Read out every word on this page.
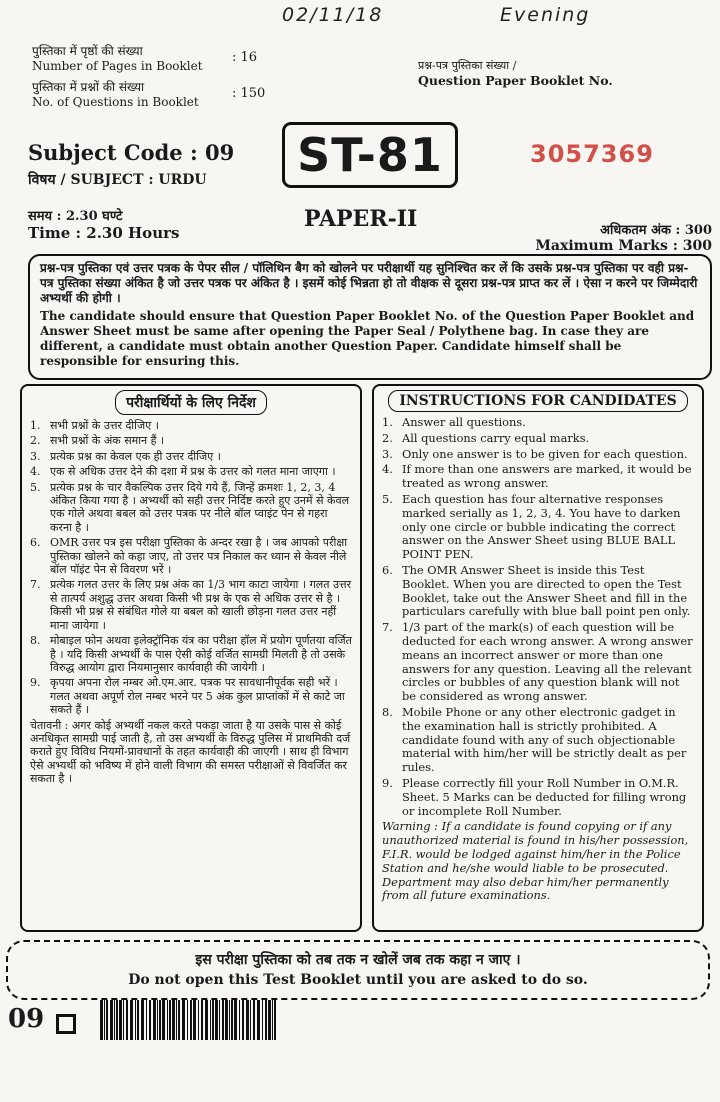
02/11/18	Evening
पुस्तिका में पृष्ठों की संख्या
Number of Pages in Booklet
: 16
पुस्तिका में प्रश्नों की संख्या
No. of Questions in Booklet
: 150
प्रश्न-पत्र पुस्तिका संख्या /
Question Paper Booklet No.
Subject Code : 09
विषय / SUBJECT : URDU	ST-81	3057369
PAPER-II
समय : 2.30 घण्टे
Time : 2.30 Hours	अधिकतम अंक : 300
Maximum Marks : 300

प्रश्न-पत्र पुस्तिका एवं उत्तर पत्रक के पेपर सील / पॉलिथिन बैग को खोलने पर परीक्षार्थी यह सुनिश्चित कर लें कि उसके प्रश्न-पत्र पुस्तिका पर वही प्रश्न-पत्र पुस्तिका संख्या अंकित है जो उत्तर पत्रक पर अंकित है । इसमें कोई भिन्नता हो तो वीक्षक से दूसरा प्रश्न-पत्र प्राप्त कर लें । ऐसा न करने पर जिम्मेदारी अभ्यर्थी की होगी ।

The candidate should ensure that Question Paper Booklet No. of the Question Paper Booklet and Answer Sheet must be same after opening the Paper Seal / Polythene bag. In case they are different, a candidate must obtain another Question Paper. Candidate himself shall be responsible for ensuring this.

परीक्षार्थियों के लिए निर्देश
1. सभी प्रश्नों के उत्तर दीजिए ।
2. सभी प्रश्नों के अंक समान हैं ।
3. प्रत्येक प्रश्न का केवल एक ही उत्तर दीजिए ।
4. एक से अधिक उत्तर देने की दशा में प्रश्न के उत्तर को गलत माना जाएगा ।
5. प्रत्येक प्रश्न के चार वैकल्पिक उत्तर दिये गये हैं, जिन्हें क्रमशः 1, 2, 3, 4 अंकित किया गया है । अभ्यर्थी को सही उत्तर निर्दिष्ट करते हुए उनमें से केवल एक गोले अथवा बबल को उत्तर पत्रक पर नीले बॉल प्वाइंट पेन से गहरा करना है ।
6. OMR उत्तर पत्र इस परीक्षा पुस्तिका के अन्दर रखा है । जब आपको परीक्षा पुस्तिका खोलने को कहा जाए, तो उत्तर पत्र निकाल कर ध्यान से केवल नीले बॉल पॉइंट पेन से विवरण भरें ।
7. प्रत्येक गलत उत्तर के लिए प्रश्न अंक का 1/3 भाग काटा जायेगा । गलत उत्तर से तात्पर्य अशुद्ध उत्तर अथवा किसी भी प्रश्न के एक से अधिक उत्तर से है । किसी भी प्रश्न से संबंधित गोले या बबल को खाली छोड़ना गलत उत्तर नहीं माना जायेगा ।
8. मोबाइल फोन अथवा इलेक्ट्रॉनिक यंत्र का परीक्षा हॉल में प्रयोग पूर्णतया वर्जित है । यदि किसी अभ्यर्थी के पास ऐसी कोई वर्जित सामग्री मिलती है तो उसके विरुद्ध आयोग द्वारा नियमानुसार कार्यवाही की जायेगी ।
9. कृपया अपना रोल नम्बर ओ.एम.आर. पत्रक पर सावधानीपूर्वक सही भरें । गलत अथवा अपूर्ण रोल नम्बर भरने पर 5 अंक कुल प्राप्तांकों में से काटे जा सकते हैं ।
चेतावनी : अगर कोई अभ्यर्थी नकल करते पकड़ा जाता है या उसके पास से कोई अनधिकृत सामग्री पाई जाती है, तो उस अभ्यर्थी के विरुद्ध पुलिस में प्राथमिकी दर्ज कराते हुए विविध नियमों-प्रावधानों के तहत कार्यवाही की जाएगी । साथ ही विभाग ऐसे अभ्यर्थी को भविष्य में होने वाली विभाग की समस्त परीक्षाओं से विवर्जित कर सकता है ।
INSTRUCTIONS FOR CANDIDATES
1. Answer all questions.
2. All questions carry equal marks.
3. Only one answer is to be given for each question.
4. If more than one answers are marked, it would be treated as wrong answer.
5. Each question has four alternative responses marked serially as 1, 2, 3, 4. You have to darken only one circle or bubble indicating the correct answer on the Answer Sheet using BLUE BALL POINT PEN.
6. The OMR Answer Sheet is inside this Test Booklet. When you are directed to open the Test Booklet, take out the Answer Sheet and fill in the particulars carefully with blue ball point pen only.
7. 1/3 part of the mark(s) of each question will be deducted for each wrong answer. A wrong answer means an incorrect answer or more than one answers for any question. Leaving all the relevant circles or bubbles of any question blank will not be considered as wrong answer.
8. Mobile Phone or any other electronic gadget in the examination hall is strictly prohibited. A candidate found with any of such objectionable material with him/her will be strictly dealt as per rules.
9. Please correctly fill your Roll Number in O.M.R. Sheet. 5 Marks can be deducted for filling wrong or incomplete Roll Number.
Warning : If a candidate is found copying or if any unauthorized material is found in his/her possession, F.I.R. would be lodged against him/her in the Police Station and he/she would liable to be prosecuted. Department may also debar him/her permanently from all future examinations.
इस परीक्षा पुस्तिका को तब तक न खोलें जब तक कहा न जाए ।
Do not open this Test Booklet until you are asked to do so.
09
